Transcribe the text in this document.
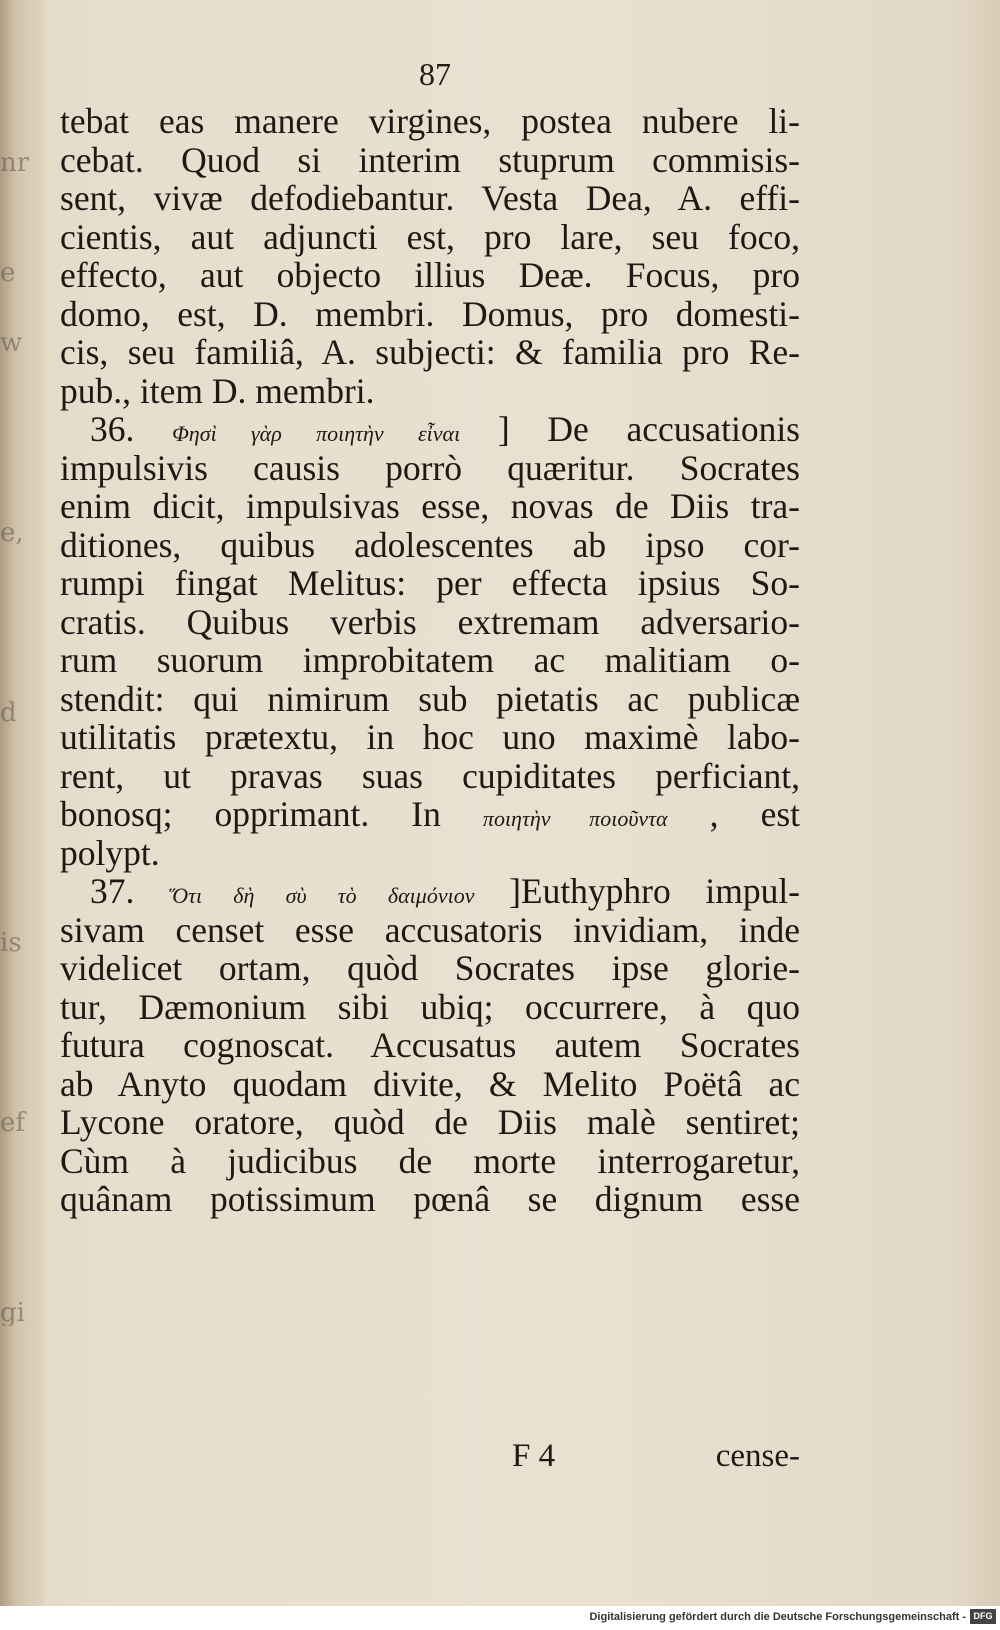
nr
e
w
e,
d
is
ef
gi
87
tebat eas manere virgines, postea nubere li-
cebat. Quod si interim stuprum commisis-
sent, vivæ defodiebantur. Vesta Dea, A. effi-
cientis, aut adjuncti est, pro lare, seu foco,
effecto, aut objecto illius Deæ. Focus, pro
domo, est, D. membri. Domus, pro domesti-
cis, seu familiâ, A. subjecti: & familia pro Re-
pub., item D. membri.
36. Φησὶ γὰρ ποιητὴν εἶναι ] De accusationis
impulsivis causis porrò quæritur. Socrates
enim dicit, impulsivas esse, novas de Diis tra-
ditiones, quibus adolescentes ab ipso cor-
rumpi fingat Melitus: per effecta ipsius So-
cratis. Quibus verbis extremam adversario-
rum suorum improbitatem ac malitiam o-
stendit: qui nimirum sub pietatis ac publicæ
utilitatis prætextu, in hoc uno maximè labo-
rent, ut pravas suas cupiditates perficiant,
bonosq; opprimant. In ποιητὴν ποιοῦντα , est
polypt.
37. Ὅτι δὴ σὺ τὸ δαιμόνιον ]Euthyphro impul-
sivam censet esse accusatoris invidiam, inde
videlicet ortam, quòd Socrates ipse glorie-
tur, Dæmonium sibi ubiq; occurrere, à quo
futura cognoscat. Accusatus autem Socrates
ab Anyto quodam divite, & Melito Poëtâ ac
Lycone oratore, quòd de Diis malè sentiret;
Cùm à judicibus de morte interrogaretur,
quânam potissimum pœnâ se dignum esse
F 4	cense-
Digitalisierung gefördert durch die Deutsche Forschungsgemeinschaft - DFG
